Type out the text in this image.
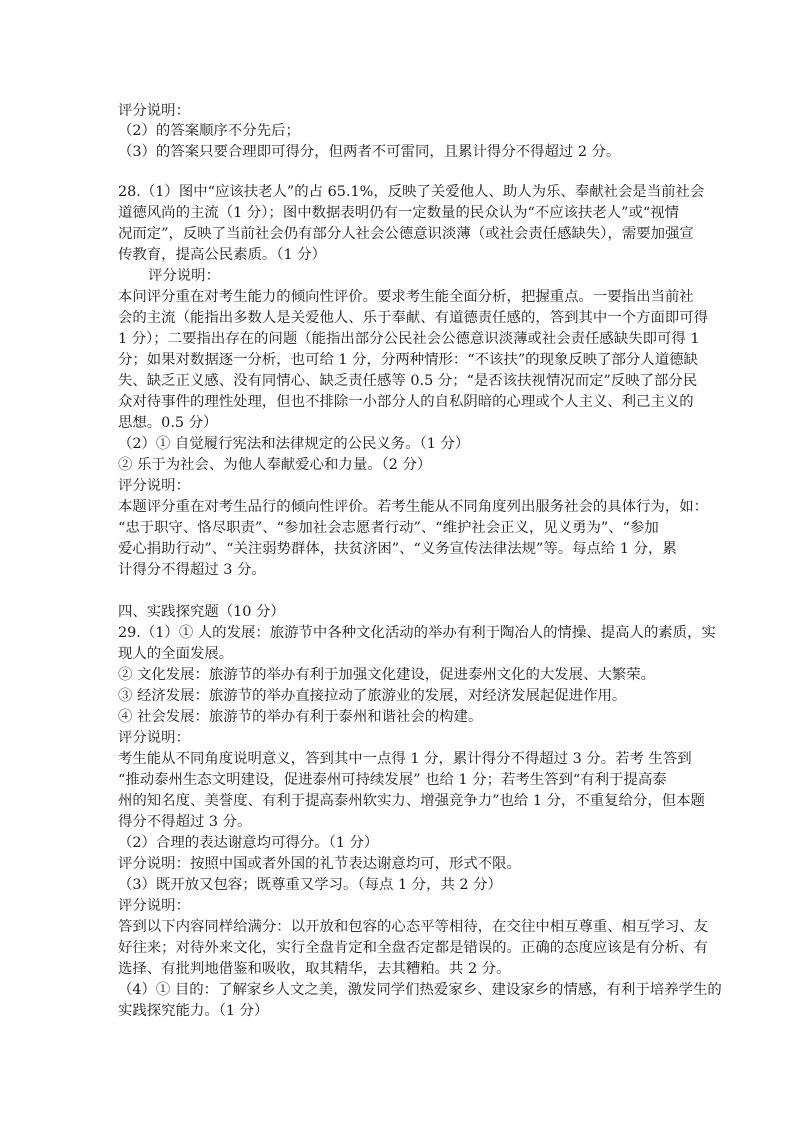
评分说明：
（2）的答案顺序不分先后；
（3）的答案只要合理即可得分，但两者不可雷同，且累计得分不得超过 2 分。
28.（1）图中“应该扶老人”的占 65.1%，反映了关爱他人、助人为乐、奉献社会是当前社会
道德风尚的主流（1 分）；图中数据表明仍有一定数量的民众认为“不应该扶老人”或“视情
况而定”，反映了当前社会仍有部分人社会公德意识淡薄（或社会责任感缺失），需要加强宣
传教育，提高公民素质。（1 分）
评分说明：
本问评分重在对考生能力的倾向性评价。要求考生能全面分析，把握重点。一要指出当前社
会的主流（能指出多数人是关爱他人、乐于奉献、有道德责任感的，答到其中一个方面即可得
1 分）；二要指出存在的问题（能指出部分公民社会公德意识淡薄或社会责任感缺失即可得 1
分；如果对数据逐一分析，也可给 1 分，分两种情形：“不该扶”的现象反映了部分人道德缺
失、缺乏正义感、没有同情心、缺乏责任感等 0.5 分；“是否该扶视情况而定”反映了部分民
众对待事件的理性处理，但也不排除一小部分人的自私阴暗的心理或个人主义、利己主义的
思想。0.5 分）
（2）① 自觉履行宪法和法律规定的公民义务。（1 分）
② 乐于为社会、为他人奉献爱心和力量。（2 分）
评分说明：
本题评分重在对考生品行的倾向性评价。若考生能从不同角度列出服务社会的具体行为，如：
“忠于职守、恪尽职责”、“参加社会志愿者行动”、“维护社会正义，见义勇为”、“参加
爱心捐助行动”、“关注弱势群体，扶贫济困”、“义务宣传法律法规”等。每点给 1 分，累
计得分不得超过 3 分。
四、实践探究题（10 分）
29.（1）① 人的发展：旅游节中各种文化活动的举办有利于陶冶人的情操、提高人的素质，实
现人的全面发展。
② 文化发展：旅游节的举办有利于加强文化建设，促进泰州文化的大发展、大繁荣。
③ 经济发展：旅游节的举办直接拉动了旅游业的发展，对经济发展起促进作用。
④ 社会发展：旅游节的举办有利于泰州和谐社会的构建。
评分说明：
考生能从不同角度说明意义，答到其中一点得 1 分，累计得分不得超过 3 分。若考 生答到
“推动泰州生态文明建设，促进泰州可持续发展” 也给 1 分；若考生答到“有利于提高泰
州的知名度、美誉度、有利于提高泰州软实力、增强竞争力”也给 1 分，不重复给分，但本题
得分不得超过 3 分。
（2）合理的表达谢意均可得分。（1 分）
评分说明：按照中国或者外国的礼节表达谢意均可，形式不限。
（3）既开放又包容；既尊重又学习。（每点 1 分，共 2 分）
评分说明：
答到以下内容同样给满分：以开放和包容的心态平等相待，在交往中相互尊重、相互学习、友
好往来；对待外来文化，实行全盘肯定和全盘否定都是错误的。正确的态度应该是有分析、有
选择、有批判地借鉴和吸收，取其精华，去其糟粕。共 2 分。
（4）① 目的：了解家乡人文之美，激发同学们热爱家乡、建设家乡的情感，有利于培养学生的
实践探究能力。（1 分）
